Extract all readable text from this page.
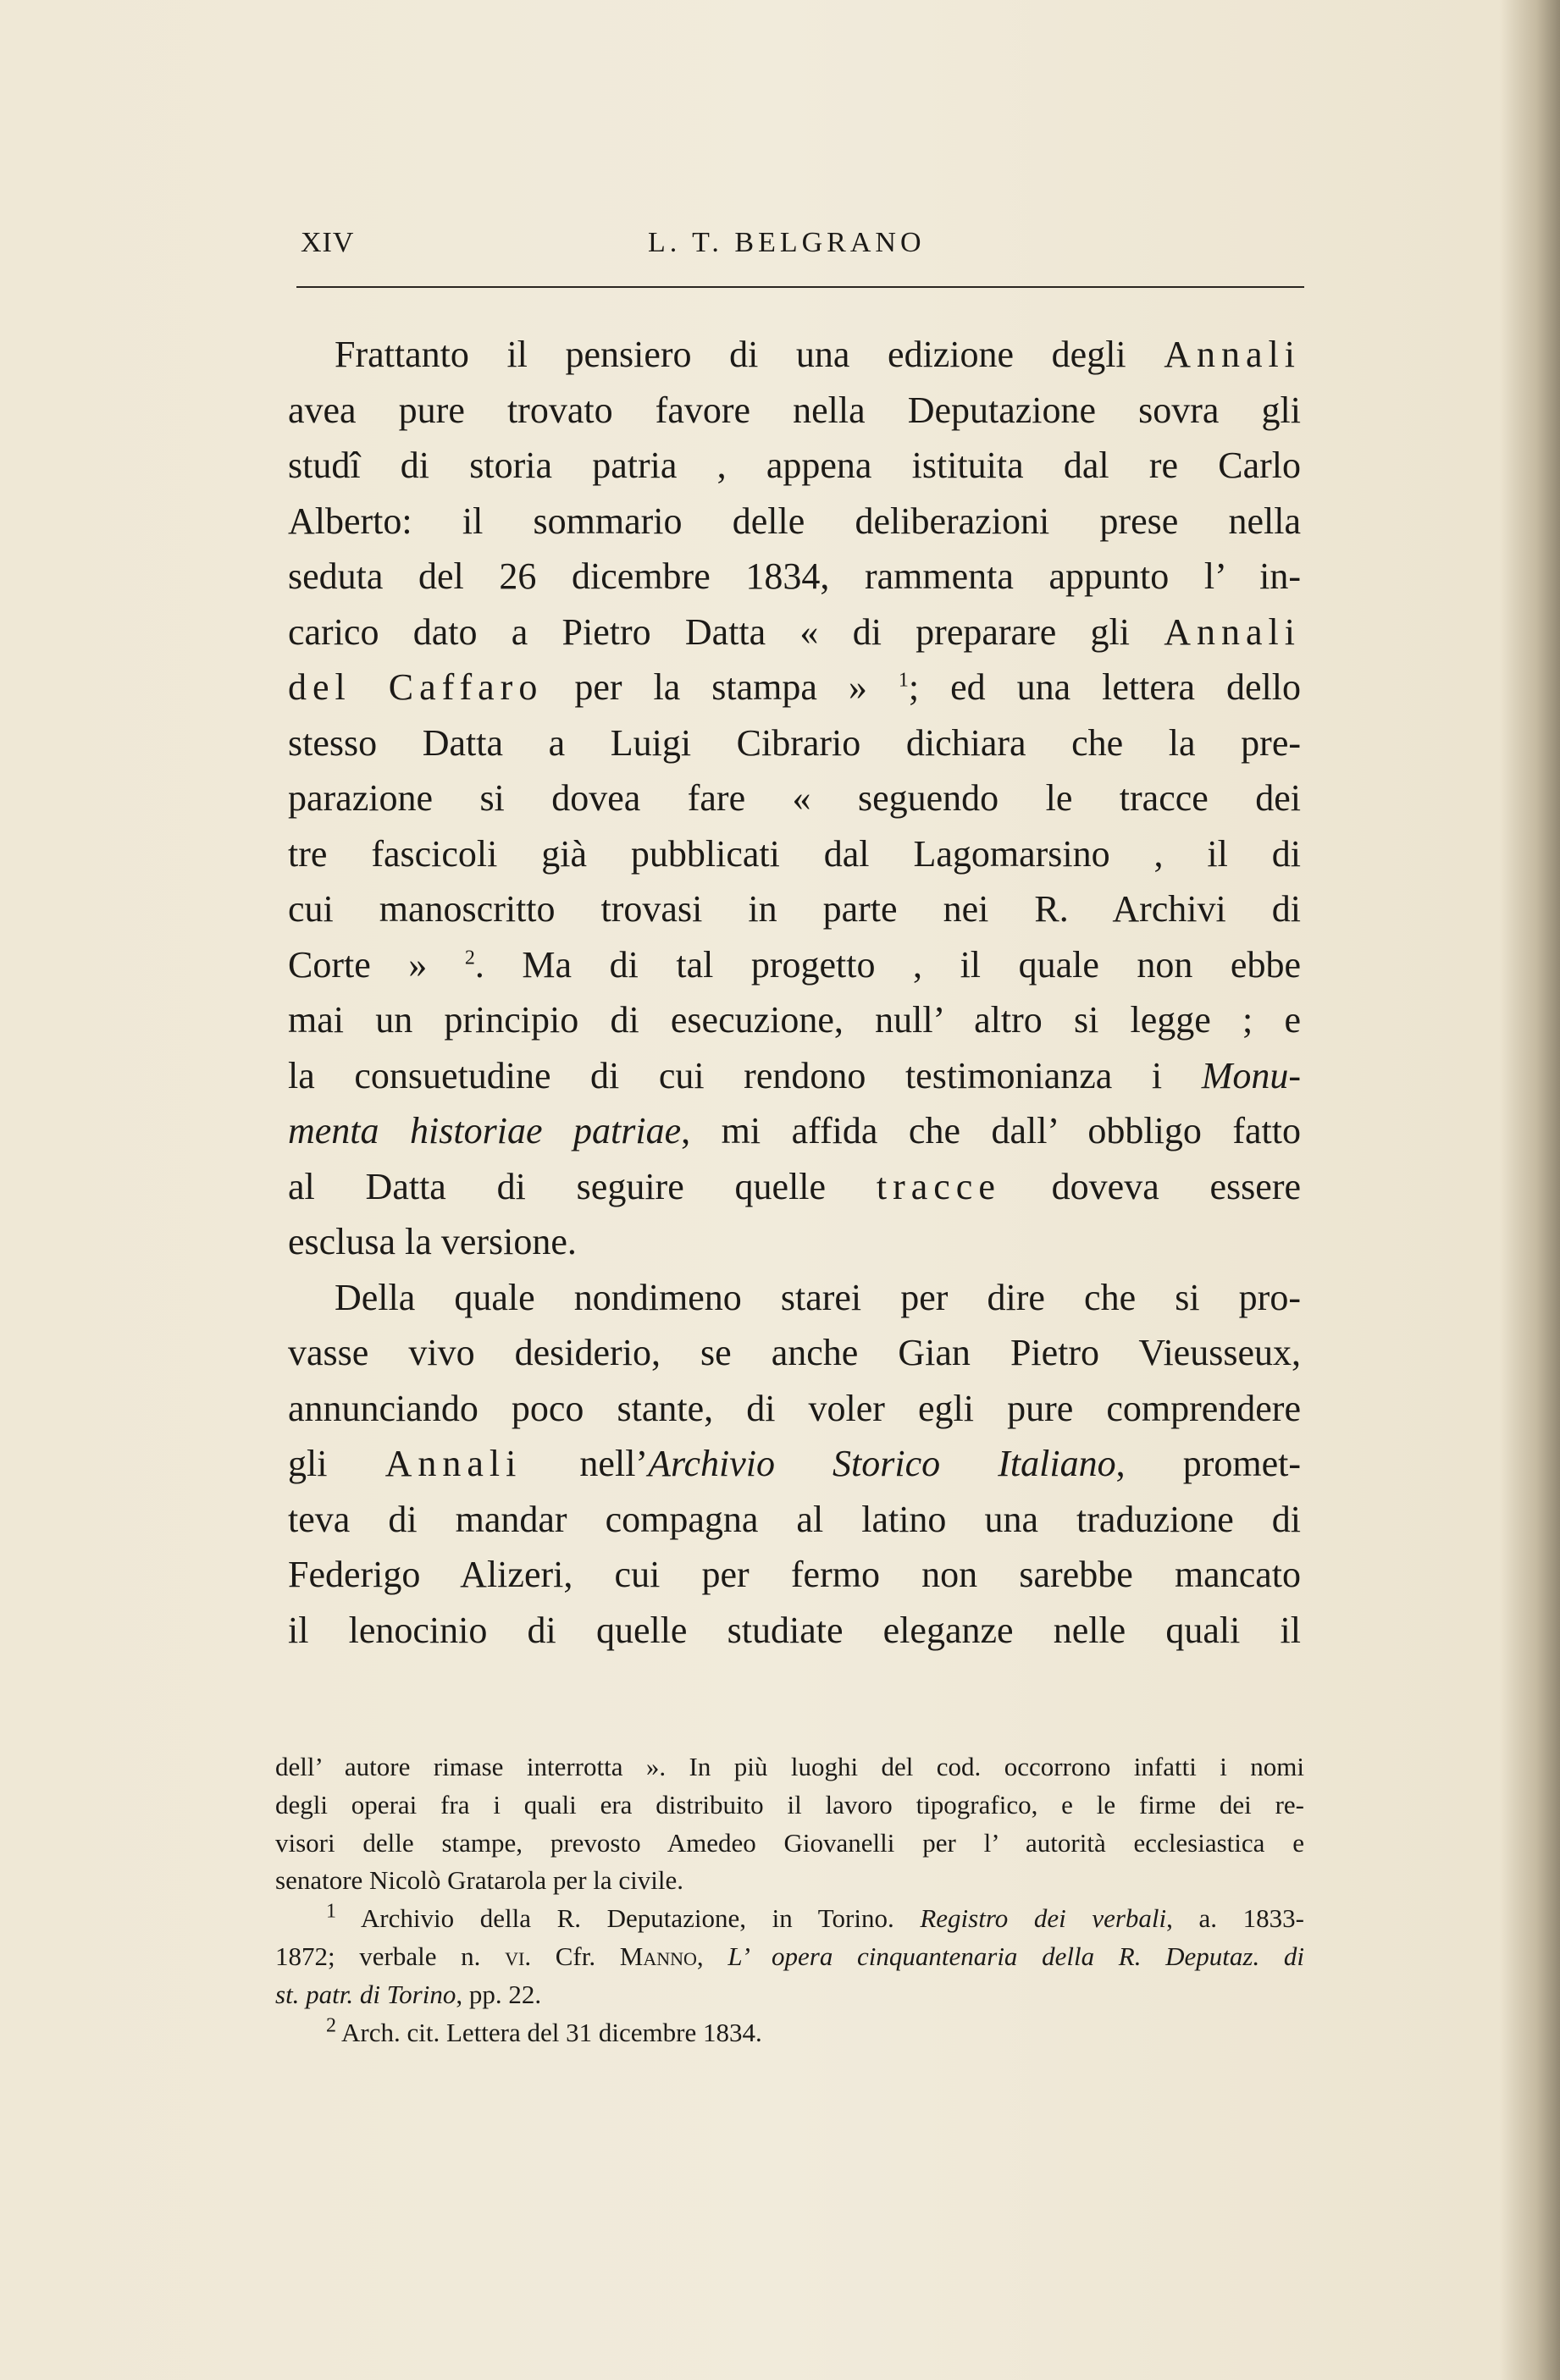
XIV	L. T. BELGRANO
Frattanto il pensiero di una edizione degli Annali
avea pure trovato favore nella Deputazione sovra gli
studî di storia patria , appena istituita dal re Carlo
Alberto: il sommario delle deliberazioni prese nella
seduta del 26 dicembre 1834, rammenta appunto l’ in-
carico dato a Pietro Datta « di preparare gli Annali
del Caffaro per la stampa » $^1$; ed una lettera dello
stesso Datta a Luigi Cibrario dichiara che la pre-
parazione si dovea fare « seguendo le tracce dei
tre fascicoli già pubblicati dal Lagomarsino , il di
cui manoscritto trovasi in parte nei R. Archivi di
Corte » $^2$. Ma di tal progetto , il quale non ebbe
mai un principio di esecuzione, null’ altro si legge ; e
la consuetudine di cui rendono testimonianza i Monu-
menta historiae patriae, mi affida che dall’ obbligo fatto
al Datta di seguire quelle tracce doveva essere
esclusa la versione.
Della quale nondimeno starei per dire che si pro-
vasse vivo desiderio, se anche Gian Pietro Vieusseux,
annunciando poco stante, di voler egli pure comprendere
gli Annali nell’Archivio Storico Italiano, promet-
teva di mandar compagna al latino una traduzione di
Federigo Alizeri, cui per fermo non sarebbe mancato
il lenocinio di quelle studiate eleganze nelle quali il
dell’ autore rimase interrotta ». In più luoghi del cod. occorrono infatti i nomi
degli operai fra i quali era distribuito il lavoro tipografico, e le firme dei re-
visori delle stampe, prevosto Amedeo Giovanelli per l’ autorità ecclesiastica e
senatore Nicolò Gratarola per la civile.
$^1$ Archivio della R. Deputazione, in Torino. Registro dei verbali, a. 1833-
1872; verbale n. vi. Cfr. Manno, L’ opera cinquantenaria della R. Deputaz. di
st. patr. di Torino, pp. 22.
$^2$ Arch. cit. Lettera del 31 dicembre 1834.
